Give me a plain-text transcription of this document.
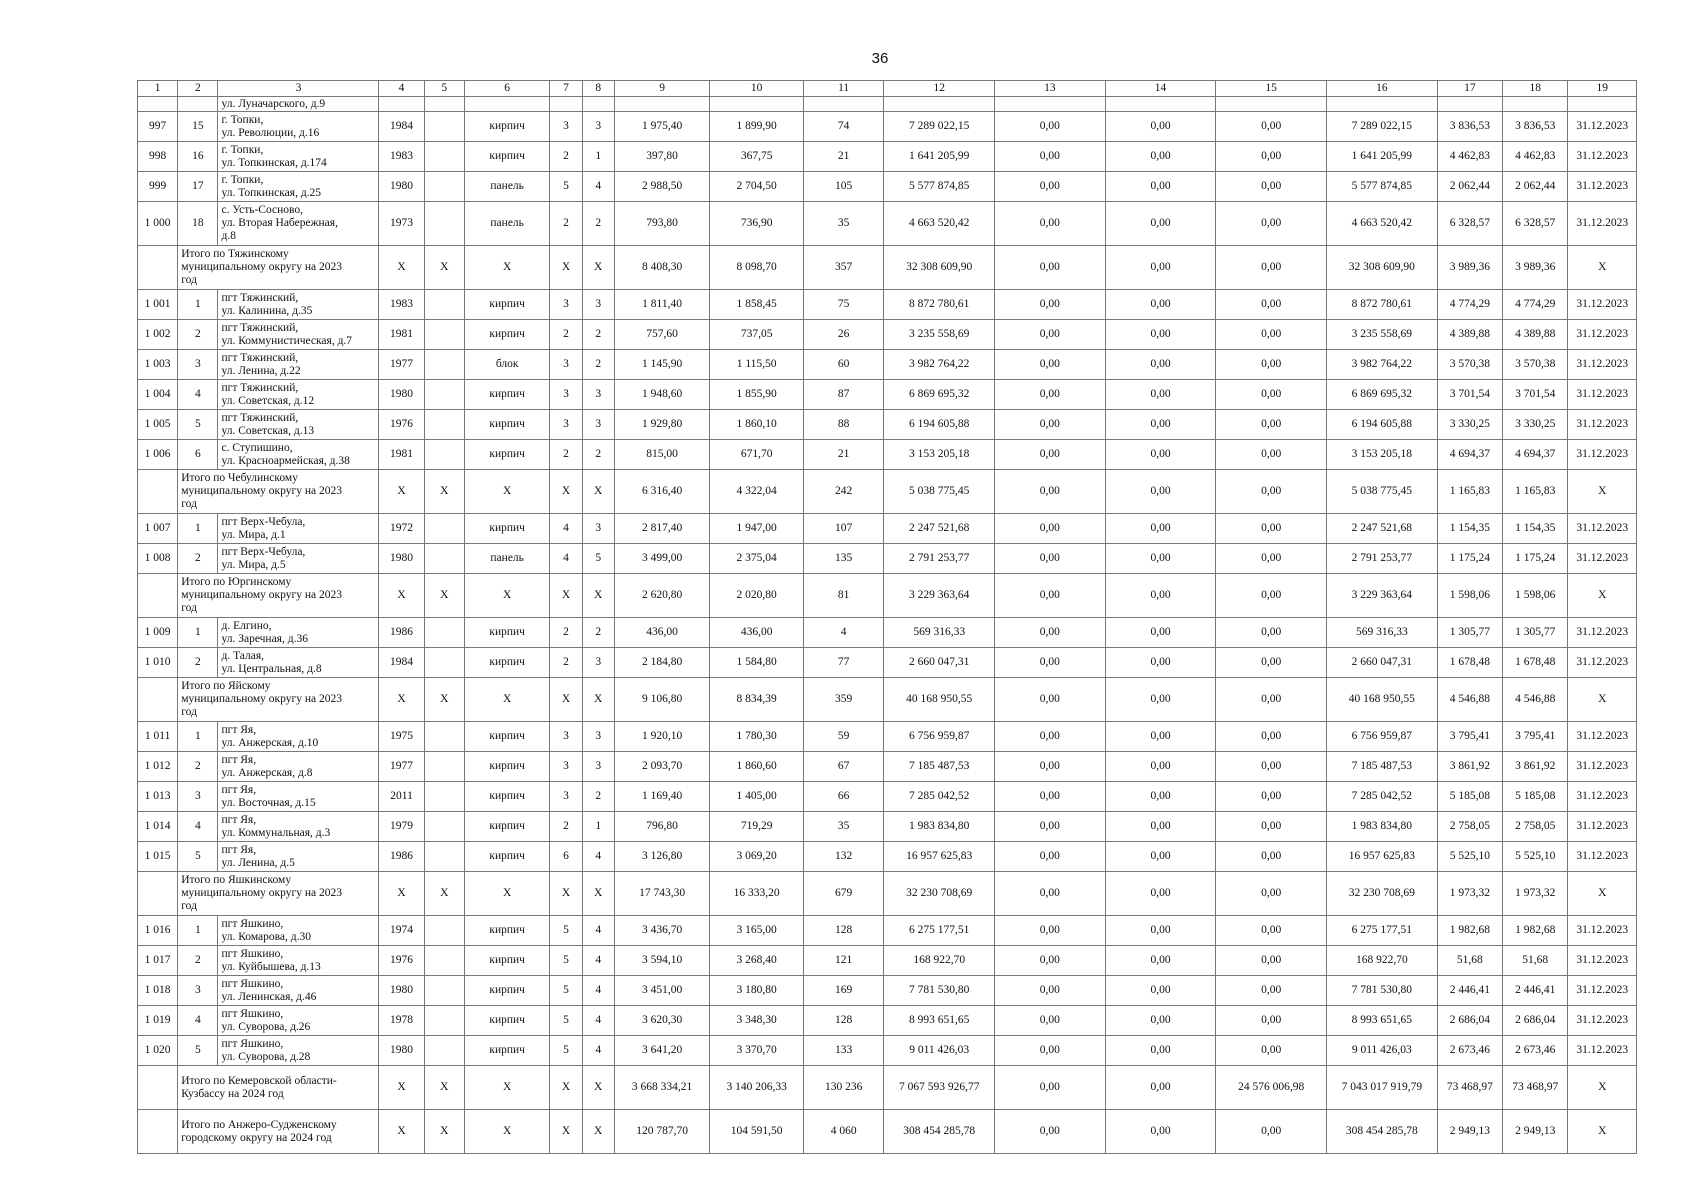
36
1	2	3	4	5	6	7	8	9	10	11	12	13	14	15	16	17	18	19
		ул. Луначарского, д.9																
997	15	г. Топки,
ул. Революции, д.16	1984		кирпич	3	3	1 975,40	1 899,90	74	7 289 022,15	0,00	0,00	0,00	7 289 022,15	3 836,53	3 836,53	31.12.2023
998	16	г. Топки,
ул. Топкинская, д.174	1983		кирпич	2	1	397,80	367,75	21	1 641 205,99	0,00	0,00	0,00	1 641 205,99	4 462,83	4 462,83	31.12.2023
999	17	г. Топки,
ул. Топкинская, д.25	1980		панель	5	4	2 988,50	2 704,50	105	5 577 874,85	0,00	0,00	0,00	5 577 874,85	2 062,44	2 062,44	31.12.2023
1 000	18	с. Усть-Сосново,
ул. Вторая Набережная,
д.8	1973		панель	2	2	793,80	736,90	35	4 663 520,42	0,00	0,00	0,00	4 663 520,42	6 328,57	6 328,57	31.12.2023
	Итого по Тяжинскому
муниципальному округу на 2023
год		X	X	X	X	X	8 408,30	8 098,70	357	32 308 609,90	0,00	0,00	0,00	32 308 609,90	3 989,36	3 989,36	X
1 001	1	пгт Тяжинский,
ул. Калинина, д.35	1983		кирпич	3	3	1 811,40	1 858,45	75	8 872 780,61	0,00	0,00	0,00	8 872 780,61	4 774,29	4 774,29	31.12.2023
1 002	2	пгт Тяжинский,
ул. Коммунистическая, д.7	1981		кирпич	2	2	757,60	737,05	26	3 235 558,69	0,00	0,00	0,00	3 235 558,69	4 389,88	4 389,88	31.12.2023
1 003	3	пгт Тяжинский,
ул. Ленина, д.22	1977		блок	3	2	1 145,90	1 115,50	60	3 982 764,22	0,00	0,00	0,00	3 982 764,22	3 570,38	3 570,38	31.12.2023
1 004	4	пгт Тяжинский,
ул. Советская, д.12	1980		кирпич	3	3	1 948,60	1 855,90	87	6 869 695,32	0,00	0,00	0,00	6 869 695,32	3 701,54	3 701,54	31.12.2023
1 005	5	пгт Тяжинский,
ул. Советская, д.13	1976		кирпич	3	3	1 929,80	1 860,10	88	6 194 605,88	0,00	0,00	0,00	6 194 605,88	3 330,25	3 330,25	31.12.2023
1 006	6	с. Ступишино,
ул. Красноармейская, д.38	1981		кирпич	2	2	815,00	671,70	21	3 153 205,18	0,00	0,00	0,00	3 153 205,18	4 694,37	4 694,37	31.12.2023
	Итого по Чебулинскому
муниципальному округу на 2023
год		X	X	X	X	X	6 316,40	4 322,04	242	5 038 775,45	0,00	0,00	0,00	5 038 775,45	1 165,83	1 165,83	X
1 007	1	пгт Верх-Чебула,
ул. Мира, д.1	1972		кирпич	4	3	2 817,40	1 947,00	107	2 247 521,68	0,00	0,00	0,00	2 247 521,68	1 154,35	1 154,35	31.12.2023
1 008	2	пгт Верх-Чебула,
ул. Мира, д.5	1980		панель	4	5	3 499,00	2 375,04	135	2 791 253,77	0,00	0,00	0,00	2 791 253,77	1 175,24	1 175,24	31.12.2023
	Итого по Юргинскому
муниципальному округу на 2023
год		X	X	X	X	X	2 620,80	2 020,80	81	3 229 363,64	0,00	0,00	0,00	3 229 363,64	1 598,06	1 598,06	X
1 009	1	д. Елгино,
ул. Заречная, д.36	1986		кирпич	2	2	436,00	436,00	4	569 316,33	0,00	0,00	0,00	569 316,33	1 305,77	1 305,77	31.12.2023
1 010	2	д. Талая,
ул. Центральная, д.8	1984		кирпич	2	3	2 184,80	1 584,80	77	2 660 047,31	0,00	0,00	0,00	2 660 047,31	1 678,48	1 678,48	31.12.2023
	Итого по Яйскому
муниципальному округу на 2023
год		X	X	X	X	X	9 106,80	8 834,39	359	40 168 950,55	0,00	0,00	0,00	40 168 950,55	4 546,88	4 546,88	X
1 011	1	пгт Яя,
ул. Анжерская, д.10	1975		кирпич	3	3	1 920,10	1 780,30	59	6 756 959,87	0,00	0,00	0,00	6 756 959,87	3 795,41	3 795,41	31.12.2023
1 012	2	пгт Яя,
ул. Анжерская, д.8	1977		кирпич	3	3	2 093,70	1 860,60	67	7 185 487,53	0,00	0,00	0,00	7 185 487,53	3 861,92	3 861,92	31.12.2023
1 013	3	пгт Яя,
ул. Восточная, д.15	2011		кирпич	3	2	1 169,40	1 405,00	66	7 285 042,52	0,00	0,00	0,00	7 285 042,52	5 185,08	5 185,08	31.12.2023
1 014	4	пгт Яя,
ул. Коммунальная, д.3	1979		кирпич	2	1	796,80	719,29	35	1 983 834,80	0,00	0,00	0,00	1 983 834,80	2 758,05	2 758,05	31.12.2023
1 015	5	пгт Яя,
ул. Ленина, д.5	1986		кирпич	6	4	3 126,80	3 069,20	132	16 957 625,83	0,00	0,00	0,00	16 957 625,83	5 525,10	5 525,10	31.12.2023
	Итого по Яшкинскому
муниципальному округу на 2023
год		X	X	X	X	X	17 743,30	16 333,20	679	32 230 708,69	0,00	0,00	0,00	32 230 708,69	1 973,32	1 973,32	X
1 016	1	пгт Яшкино,
ул. Комарова, д.30	1974		кирпич	5	4	3 436,70	3 165,00	128	6 275 177,51	0,00	0,00	0,00	6 275 177,51	1 982,68	1 982,68	31.12.2023
1 017	2	пгт Яшкино,
ул. Куйбышева, д.13	1976		кирпич	5	4	3 594,10	3 268,40	121	168 922,70	0,00	0,00	0,00	168 922,70	51,68	51,68	31.12.2023
1 018	3	пгт Яшкино,
ул. Ленинская, д.46	1980		кирпич	5	4	3 451,00	3 180,80	169	7 781 530,80	0,00	0,00	0,00	7 781 530,80	2 446,41	2 446,41	31.12.2023
1 019	4	пгт Яшкино,
ул. Суворова, д.26	1978		кирпич	5	4	3 620,30	3 348,30	128	8 993 651,65	0,00	0,00	0,00	8 993 651,65	2 686,04	2 686,04	31.12.2023
1 020	5	пгт Яшкино,
ул. Суворова, д.28	1980		кирпич	5	4	3 641,20	3 370,70	133	9 011 426,03	0,00	0,00	0,00	9 011 426,03	2 673,46	2 673,46	31.12.2023
	Итого по Кемеровской области-
Кузбассу на 2024 год		X	X	X	X	X	3 668 334,21	3 140 206,33	130 236	7 067 593 926,77	0,00	0,00	24 576 006,98	7 043 017 919,79	73 468,97	73 468,97	X
	Итого по Анжеро-Судженскому
городскому округу на 2024 год		X	X	X	X	X	120 787,70	104 591,50	4 060	308 454 285,78	0,00	0,00	0,00	308 454 285,78	2 949,13	2 949,13	X
